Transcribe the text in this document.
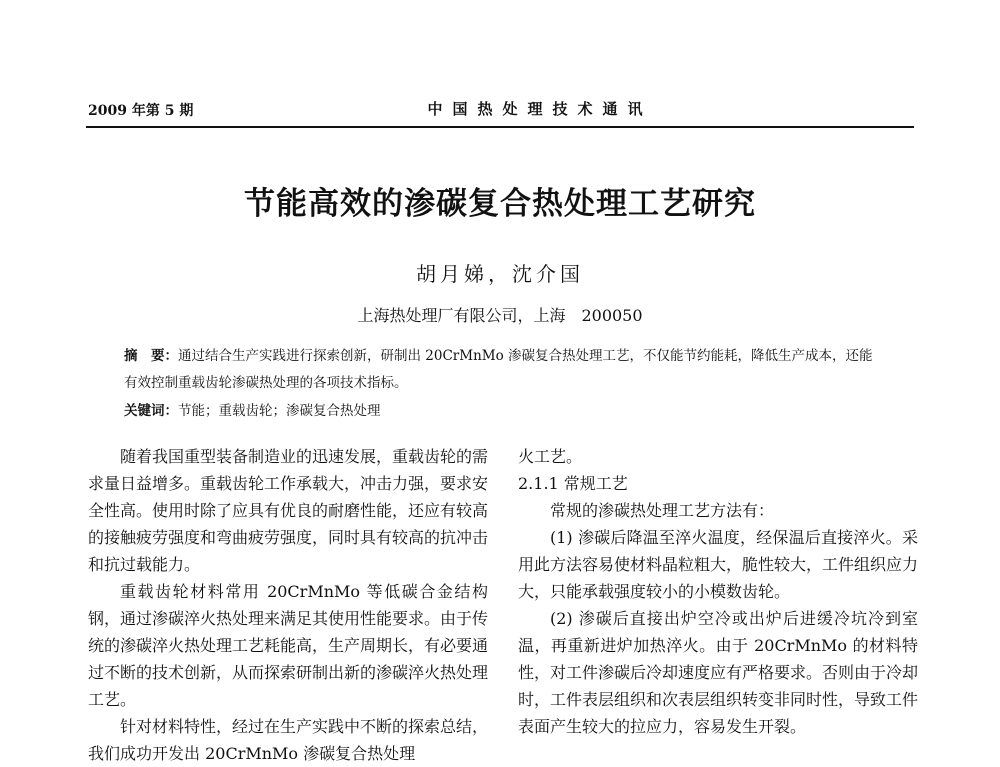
2009 年第 5 期	中国热处理技术通讯
节能高效的渗碳复合热处理工艺研究
胡月娣，沈介国
上海热处理厂有限公司，上海　200050
摘　要：通过结合生产实践进行探索创新，研制出 20CrMnMo 渗碳复合热处理工艺，不仅能节约能耗，降低生产成本，还能有效控制重载齿轮渗碳热处理的各项技术指标。
关键词：节能；重载齿轮；渗碳复合热处理

随着我国重型装备制造业的迅速发展，重载齿轮的需求量日益增多。重载齿轮工作承载大，冲击力强，要求安全性高。使用时除了应具有优良的耐磨性能，还应有较高的接触疲劳强度和弯曲疲劳强度，同时具有较高的抗冲击和抗过载能力。

重载齿轮材料常用 20CrMnMo 等低碳合金结构钢，通过渗碳淬火热处理来满足其使用性能要求。由于传统的渗碳淬火热处理工艺耗能高，生产周期长，有必要通过不断的技术创新，从而探索研制出新的渗碳淬火热处理工艺。

针对材料特性，经过在生产实践中不断的探索总结，我们成功开发出 20CrMnMo 渗碳复合热处理

火工艺。

2.1.1 常规工艺

常规的渗碳热处理工艺方法有：

(1) 渗碳后降温至淬火温度，经保温后直接淬火。采用此方法容易使材料晶粒粗大，脆性较大，工件组织应力大，只能承载强度较小的小模数齿轮。

(2) 渗碳后直接出炉空冷或出炉后进缓冷坑冷到室温，再重新进炉加热淬火。由于 20CrMnMo 的材料特性，对工件渗碳后冷却速度应有严格要求。否则由于冷却时，工件表层组织和次表层组织转变非同时性，导致工件表面产生较大的拉应力，容易发生开裂。
